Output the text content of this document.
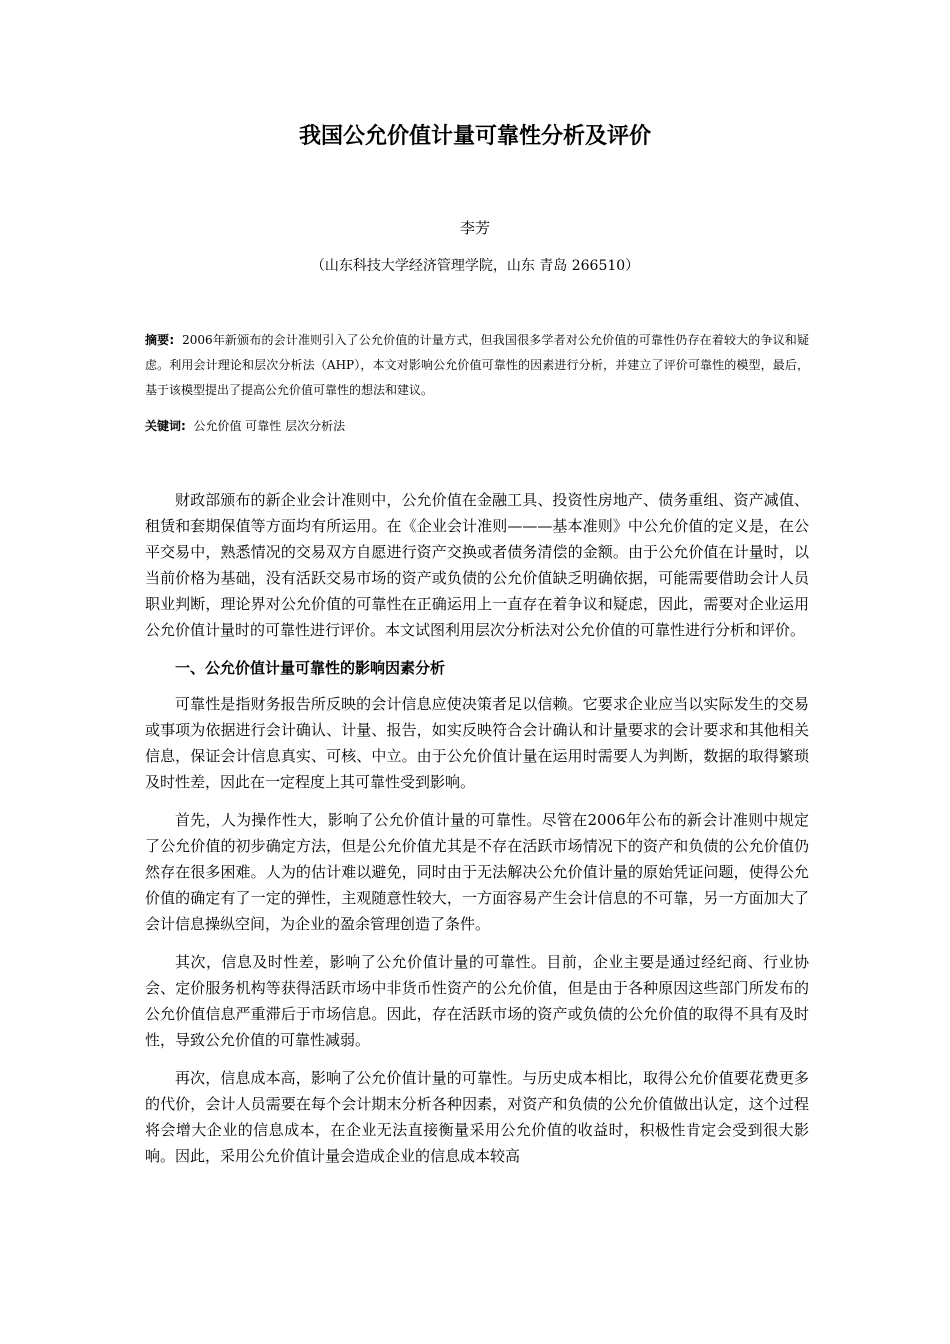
我国公允价值计量可靠性分析及评价
李芳
（山东科技大学经济管理学院，山东 青岛 266510）

摘要: 2006年新颁布的会计准则引入了公允价值的计量方式，但我国很多学者对公允价值的可靠性仍存在着较大的争议和疑虑。利用会计理论和层次分析法（AHP），本文对影响公允价值可靠性的因素进行分析，并建立了评价可靠性的模型，最后，基于该模型提出了提高公允价值可靠性的想法和建议。

关键词: 公允价值 可靠性 层次分析法

财政部颁布的新企业会计准则中，公允价值在金融工具、投资性房地产、债务重组、资产减值、租赁和套期保值等方面均有所运用。在《企业会计准则———基本准则》中公允价值的定义是，在公平交易中，熟悉情况的交易双方自愿进行资产交换或者债务清偿的金额。由于公允价值在计量时，以当前价格为基础，没有活跃交易市场的资产或负债的公允价值缺乏明确依据，可能需要借助会计人员职业判断，理论界对公允价值的可靠性在正确运用上一直存在着争议和疑虑，因此，需要对企业运用公允价值计量时的可靠性进行评价。本文试图利用层次分析法对公允价值的可靠性进行分析和评价。

一、公允价值计量可靠性的影响因素分析

可靠性是指财务报告所反映的会计信息应使决策者足以信赖。它要求企业应当以实际发生的交易或事项为依据进行会计确认、计量、报告，如实反映符合会计确认和计量要求的会计要求和其他相关信息，保证会计信息真实、可核、中立。由于公允价值计量在运用时需要人为判断，数据的取得繁琐及时性差，因此在一定程度上其可靠性受到影响。

首先，人为操作性大，影响了公允价值计量的可靠性。尽管在2006年公布的新会计准则中规定了公允价值的初步确定方法，但是公允价值尤其是不存在活跃市场情况下的资产和负债的公允价值仍然存在很多困难。人为的估计难以避免，同时由于无法解决公允价值计量的原始凭证问题，使得公允价值的确定有了一定的弹性，主观随意性较大，一方面容易产生会计信息的不可靠，另一方面加大了会计信息操纵空间，为企业的盈余管理创造了条件。

其次，信息及时性差，影响了公允价值计量的可靠性。目前，企业主要是通过经纪商、行业协会、定价服务机构等获得活跃市场中非货币性资产的公允价值，但是由于各种原因这些部门所发布的公允价值信息严重滞后于市场信息。因此，存在活跃市场的资产或负债的公允价值的取得不具有及时性，导致公允价值的可靠性减弱。

再次，信息成本高，影响了公允价值计量的可靠性。与历史成本相比，取得公允价值要花费更多的代价，会计人员需要在每个会计期末分析各种因素，对资产和负债的公允价值做出认定，这个过程将会增大企业的信息成本，在企业无法直接衡量采用公允价值的收益时，积极性肯定会受到很大影响。因此，采用公允价值计量会造成企业的信息成本较高
